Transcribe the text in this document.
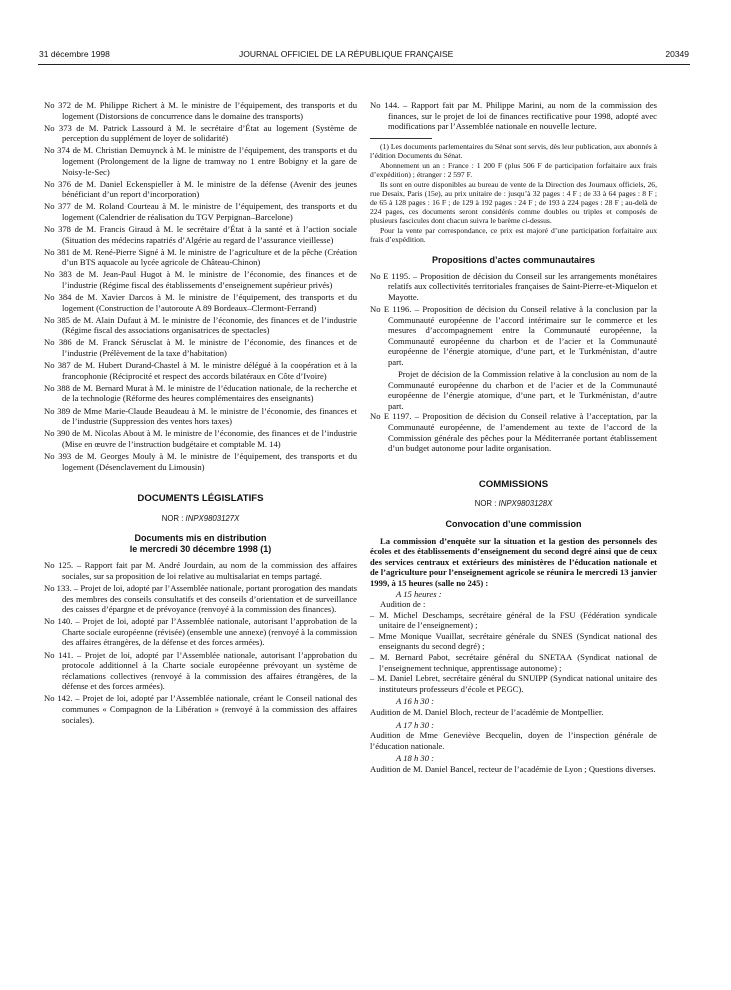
31 décembre 1998	JOURNAL OFFICIEL DE LA RÉPUBLIQUE FRANÇAISE	20349
No 372 de M. Philippe Richert à M. le ministre de l’équipement, des transports et du logement (Distorsions de concurrence dans le domaine des transports)
No 373 de M. Patrick Lassourd à M. le secrétaire d’État au logement (Système de perception du supplément de loyer de solidarité)
No 374 de M. Christian Demuynck à M. le ministre de l’équipement, des transports et du logement (Prolongement de la ligne de tramway no 1 entre Bobigny et la gare de Noisy-le-Sec)
No 376 de M. Daniel Eckenspieller à M. le ministre de la défense (Avenir des jeunes bénéficiant d’un report d’incorporation)
No 377 de M. Roland Courteau à M. le ministre de l’équipement, des transports et du logement (Calendrier de réalisation du TGV Perpignan–Barcelone)
No 378 de M. Francis Giraud à M. le secrétaire d’État à la santé et à l’action sociale (Situation des médecins rapatriés d’Algérie au regard de l’assurance vieillesse)
No 381 de M. René-Pierre Signé à M. le ministre de l’agriculture et de la pêche (Création d’un BTS aquacole au lycée agricole de Château-Chinon)
No 383 de M. Jean-Paul Hugot à M. le ministre de l’économie, des finances et de l’industrie (Régime fiscal des établissements d’enseignement supérieur privés)
No 384 de M. Xavier Darcos à M. le ministre de l’équipement, des transports et du logement (Construction de l’autoroute A 89 Bordeaux–Clermont-Ferrand)
No 385 de M. Alain Dufaut à M. le ministre de l’économie, des finances et de l’industrie (Régime fiscal des associations organisatrices de spectacles)
No 386 de M. Franck Sérusclat à M. le ministre de l’économie, des finances et de l’industrie (Prélèvement de la taxe d’habitation)
No 387 de M. Hubert Durand-Chastel à M. le ministre délégué à la coopération et à la francophonie (Réciprocité et respect des accords bilatéraux en Côte d’Ivoire)
No 388 de M. Bernard Murat à M. le ministre de l’éducation nationale, de la recherche et de la technologie (Réforme des heures complémentaires des enseignants)
No 389 de Mme Marie-Claude Beaudeau à M. le ministre de l’économie, des finances et de l’industrie (Suppression des ventes hors taxes)
No 390 de M. Nicolas About à M. le ministre de l’économie, des finances et de l’industrie (Mise en œuvre de l’instruction budgétaire et comptable M. 14)
No 393 de M. Georges Mouly à M. le ministre de l’équipement, des transports et du logement (Désenclavement du Limousin)
DOCUMENTS LÉGISLATIFS
NOR : INPX9803127X
Documents mis en distribution
le mercredi 30 décembre 1998 (1)
No 125. – Rapport fait par M. André Jourdain, au nom de la commission des affaires sociales, sur sa proposition de loi relative au multisalariat en temps partagé.
No 133. – Projet de loi, adopté par l’Assemblée nationale, portant prorogation des mandats des membres des conseils consultatifs et des conseils d’orientation et de surveillance des caisses d’épargne et de prévoyance (renvoyé à la commission des finances).
No 140. – Projet de loi, adopté par l’Assemblée nationale, autorisant l’approbation de la Charte sociale européenne (révisée) (ensemble une annexe) (renvoyé à la commission des affaires étrangères, de la défense et des forces armées).
No 141. – Projet de loi, adopté par l’Assemblée nationale, autorisant l’approbation du protocole additionnel à la Charte sociale européenne prévoyant un système de réclamations collectives (renvoyé à la commission des affaires étrangères, de la défense et des forces armées).
No 142. – Projet de loi, adopté par l’Assemblée nationale, créant le Conseil national des communes « Compagnon de la Libération » (renvoyé à la commission des affaires sociales).
No 144. – Rapport fait par M. Philippe Marini, au nom de la commission des finances, sur le projet de loi de finances rectificative pour 1998, adopté avec modifications par l’Assemblée nationale en nouvelle lecture.
(1) Les documents parlementaires du Sénat sont servis, dès leur publication, aux abonnés à l’édition Documents du Sénat.
Abonnement un an : France : 1 200 F (plus 506 F de participation forfaitaire aux frais d’expédition) ; étranger : 2 597 F.
Ils sont en outre disponibles au bureau de vente de la Direction des Journaux officiels, 26, rue Desaix, Paris (15e), au prix unitaire de : jusqu’à 32 pages : 4 F ; de 33 à 64 pages : 8 F ; de 65 à 128 pages : 16 F ; de 129 à 192 pages : 24 F ; de 193 à 224 pages : 28 F ; au-delà de 224 pages, ces documents seront considérés comme doubles ou triples et composés de plusieurs fascicules dont chacun suivra le barème ci-dessus.
Pour la vente par correspondance, ce prix est majoré d’une participation forfaitaire aux frais d’expédition.
Propositions d’actes communautaires
No E 1195. – Proposition de décision du Conseil sur les arrangements monétaires relatifs aux collectivités territoriales françaises de Saint-Pierre-et-Miquelon et Mayotte.
No E 1196. – Proposition de décision du Conseil relative à la conclusion par la Communauté européenne de l’accord intérimaire sur le commerce et les mesures d’accompagnement entre la Communauté européenne, la Communauté européenne du charbon et de l’acier et la Communauté européenne de l’énergie atomique, d’une part, et le Turkménistan, d’autre part.
Projet de décision de la Commission relative à la conclusion au nom de la Communauté européenne du charbon et de l’acier et de la Communauté européenne de l’énergie atomique, d’une part, et le Turkménistan, d’autre part.
No E 1197. – Proposition de décision du Conseil relative à l’acceptation, par la Communauté européenne, de l’amendement au texte de l’accord de la Commission générale des pêches pour la Méditerranée portant établissement d’un budget autonome pour ladite organisation.
COMMISSIONS
NOR : INPX9803128X
Convocation d’une commission
La commission d’enquête sur la situation et la gestion des personnels des écoles et des établissements d’enseignement du second degré ainsi que de ceux des services centraux et extérieurs des ministères de l’éducation nationale et de l’agriculture pour l’enseignement agricole se réunira le mercredi 13 janvier 1999, à 15 heures (salle no 245) :
A 15 heures :
Audition de :
– M. Michel Deschamps, secrétaire général de la FSU (Fédération syndicale unitaire de l’enseignement) ;
– Mme Monique Vuaillat, secrétaire générale du SNES (Syndicat national des enseignants du second degré) ;
– M. Bernard Pabot, secrétaire général du SNETAA (Syndicat national de l’enseignement technique, apprentissage autonome) ;
– M. Daniel Lebret, secrétaire général du SNUIPP (Syndicat national unitaire des instituteurs professeurs d’école et PEGC).
A 16 h 30 :
Audition de M. Daniel Bloch, recteur de l’académie de Montpellier.
A 17 h 30 :
Audition de Mme Geneviève Becquelin, doyen de l’inspection générale de l’éducation nationale.
A 18 h 30 :
Audition de M. Daniel Bancel, recteur de l’académie de Lyon ; Questions diverses.
